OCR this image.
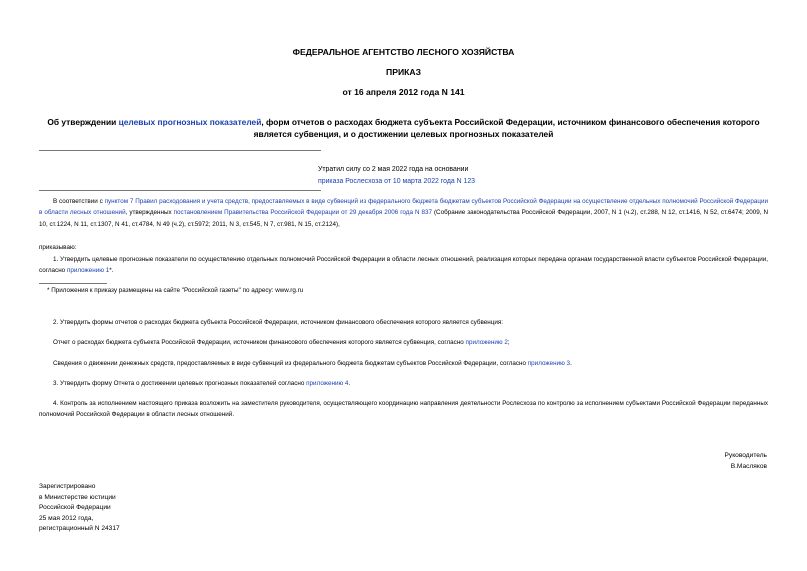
ФЕДЕРАЛЬНОЕ АГЕНТСТВО ЛЕСНОГО ХОЗЯЙСТВА
ПРИКАЗ
от 16 апреля 2012 года N 141
Об утверждении целевых прогнозных показателей, форм отчетов о расходах бюджета субъекта Российской Федерации, источником финансового обеспечения которого является субвенция, и о достижении целевых прогнозных показателей
Утратил силу со 2 мая 2022 года на основании
приказа Рослесхоза от 10 марта 2022 года N 123
В соответствии с пунктом 7 Правил расходования и учета средств, предоставляемых в виде субвенций из федерального бюджета бюджетам субъектов Российской Федерации на осуществление отдельных полномочий Российской Федерации в области лесных отношений, утвержденных постановлением Правительства Российской Федерации от 29 декабря 2006 года N 837 (Собрание законодательства Российской Федерации, 2007, N 1 (ч.2), ст.288, N 12, ст.1416, N 52, ст.6474; 2009, N 10, ст.1224, N 11, ст.1307, N 41, ст.4784, N 49 (ч.2), ст.5972; 2011, N 3, ст.545, N 7, ст.981, N 15, ст.2124),
приказываю:
1. Утвердить целевые прогнозные показатели по осуществлению отдельных полномочий Российской Федерации в области лесных отношений, реализация которых передана органам государственной власти субъектов Российской Федерации, согласно приложению 1*.
* Приложения к приказу размещены на сайте "Российской газеты" по адресу: www.rg.ru
2. Утвердить формы отчетов о расходах бюджета субъекта Российской Федерации, источником финансового обеспечения которого является субвенция:
Отчет о расходах бюджета субъекта Российской Федерации, источником финансового обеспечения которого является субвенция, согласно приложению 2;
Сведения о движении денежных средств, предоставляемых в виде субвенций из федерального бюджета бюджетам субъектов Российской Федерации, согласно приложению 3.
3. Утвердить форму Отчета о достижении целевых прогнозных показателей согласно приложению 4.
4. Контроль за исполнением настоящего приказа возложить на заместителя руководителя, осуществляющего координацию направления деятельности Рослесхоза по контролю за исполнением субъектами Российской Федерации переданных полномочий Российской Федерации в области лесных отношений.
Руководитель
В.Масляков
Зарегистрировано
в Министерстве юстиции
Российской Федерации
25 мая 2012 года,
регистрационный N 24317
